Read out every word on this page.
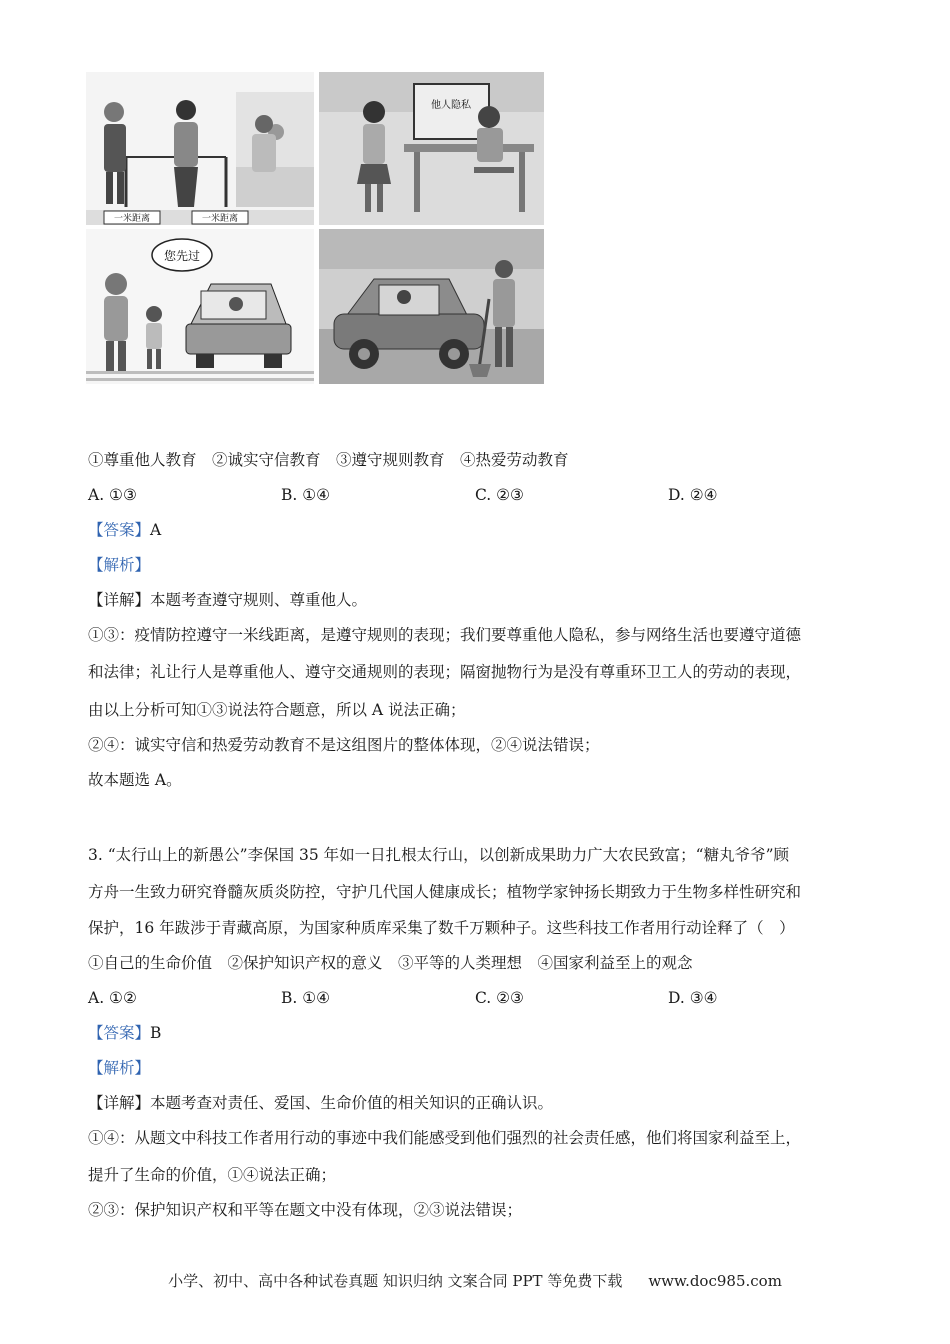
一米距离	一米距离
他人隐私
您先过
①尊重他人教育　②诚实守信教育　③遵守规则教育　④热爱劳动教育
A. ①③	B. ①④	C. ②③	D. ②④
【答案】A
【解析】
【详解】本题考查遵守规则、尊重他人。
①③：疫情防控遵守一米线距离，是遵守规则的表现；我们要尊重他人隐私，参与网络生活也要遵守道德
和法律；礼让行人是尊重他人、遵守交通规则的表现；隔窗抛物行为是没有尊重环卫工人的劳动的表现，
由以上分析可知①③说法符合题意，所以 A 说法正确；
②④：诚实守信和热爱劳动教育不是这组图片的整体体现，②④说法错误；
故本题选 A。
3. “太行山上的新愚公”李保国 35 年如一日扎根太行山，以创新成果助力广大农民致富；“糖丸爷爷”顾
方舟一生致力研究脊髓灰质炎防控，守护几代国人健康成长；植物学家钟扬长期致力于生物多样性研究和
保护，16 年跋涉于青藏高原，为国家种质库采集了数千万颗种子。这些科技工作者用行动诠释了（　）
①自己的生命价值　②保护知识产权的意义　③平等的人类理想　④国家利益至上的观念
A. ①②	B. ①④	C. ②③	D. ③④
【答案】B
【解析】
【详解】本题考查对责任、爱国、生命价值的相关知识的正确认识。
①④：从题文中科技工作者用行动的事迹中我们能感受到他们强烈的社会责任感，他们将国家利益至上，
提升了生命的价值，①④说法正确；
②③：保护知识产权和平等在题文中没有体现，②③说法错误；
小学、初中、高中各种试卷真题 知识归纳 文案合同 PPT 等免费下载 www.doc985.com
